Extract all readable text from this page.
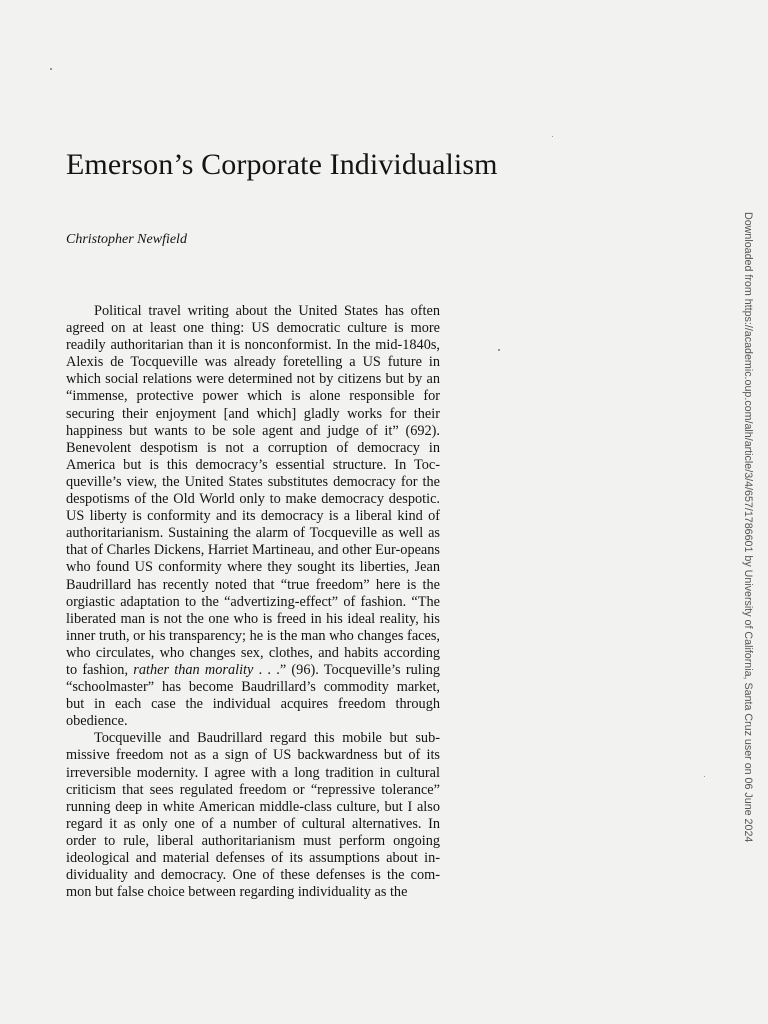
Emerson’s Corporate Individualism
Christopher Newfield

Political travel writing about the United States has often agreed on at least one thing: US democratic culture is more readily authoritarian than it is nonconformist. In the mid-1840s, Alexis de Tocqueville was already foretelling a US future in which social relations were determined not by citizens but by an “immense, protective power which is alone responsible for securing their enjoyment [and which] gladly works for their happiness but wants to be sole agent and judge of it” (692). Benevolent despotism is not a corruption of democracy in America but is this democracy’s essential structure. In Toc-queville’s view, the United States substitutes democracy for the despotisms of the Old World only to make democracy despotic. US liberty is conformity and its democracy is a liberal kind of authoritarianism. Sustaining the alarm of Tocqueville as well as that of Charles Dickens, Harriet Martineau, and other Eur-opeans who found US conformity where they sought its liberties, Jean Baudrillard has recently noted that “true freedom” here is the orgiastic adaptation to the “advertizing-effect” of fashion. “The liberated man is not the one who is freed in his ideal reality, his inner truth, or his transparency; he is the man who changes faces, who circulates, who changes sex, clothes, and habits according to fashion, rather than morality . . .” (96). Tocqueville’s ruling “schoolmaster” has become Baudrillard’s commodity market, but in each case the individual acquires freedom through obedience.

Tocqueville and Baudrillard regard this mobile but sub-missive freedom not as a sign of US backwardness but of its irreversible modernity. I agree with a long tradition in cultural criticism that sees regulated freedom or “repressive tolerance” running deep in white American middle-class culture, but I also regard it as only one of a number of cultural alternatives. In order to rule, liberal authoritarianism must perform ongoing ideological and material defenses of its assumptions about in-dividuality and democracy. One of these defenses is the com-mon but false choice between regarding individuality as the

Downloaded from https://academic.oup.com/alh/article/3/4/657/1786601 by University of California, Santa Cruz user on 06 June 2024
